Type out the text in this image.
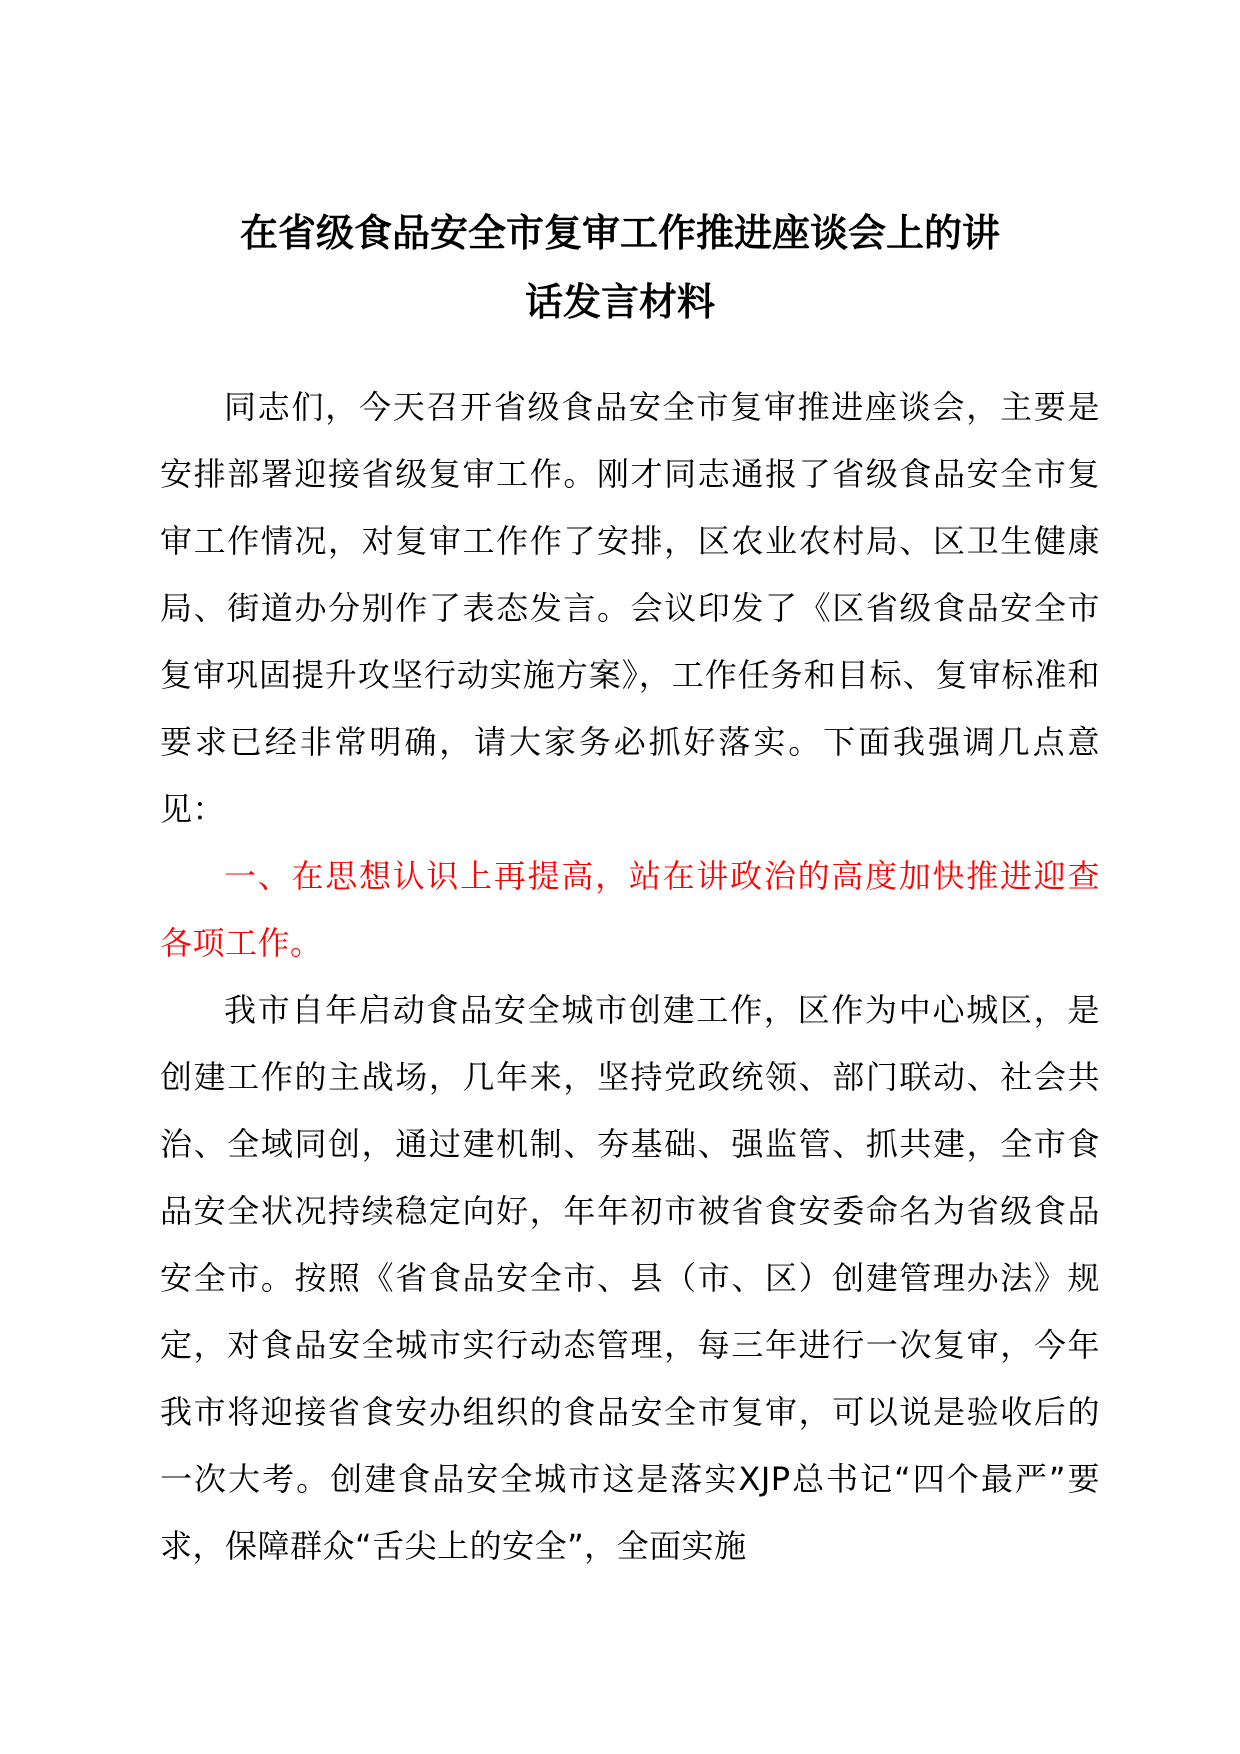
在省级食品安全市复审工作推进座谈会上的讲
话发言材料

同志们，今天召开省级食品安全市复审推进座谈会，主要是安排部署迎接省级复审工作。刚才同志通报了省级食品安全市复审工作情况，对复审工作作了安排，区农业农村局、区卫生健康局、街道办分别作了表态发言。会议印发了《区省级食品安全市复审巩固提升攻坚行动实施方案》，工作任务和目标、复审标准和要求已经非常明确，请大家务必抓好落实。下面我强调几点意见：

一、在思想认识上再提高，站在讲政治的高度加快推进迎查各项工作。

我市自年启动食品安全城市创建工作，区作为中心城区，是创建工作的主战场，几年来，坚持党政统领、部门联动、社会共治、全域同创，通过建机制、夯基础、强监管、抓共建，全市食品安全状况持续稳定向好，年年初市被省食安委命名为省级食品安全市。按照《省食品安全市、县（市、区）创建管理办法》规定，对食品安全城市实行动态管理，每三年进行一次复审，今年我市将迎接省食安办组织的食品安全市复审，可以说是验收后的一次大考。创建食品安全城市这是落实XJP总书记“四个最严”要求，保障群众“舌尖上的安全”，全面实施
